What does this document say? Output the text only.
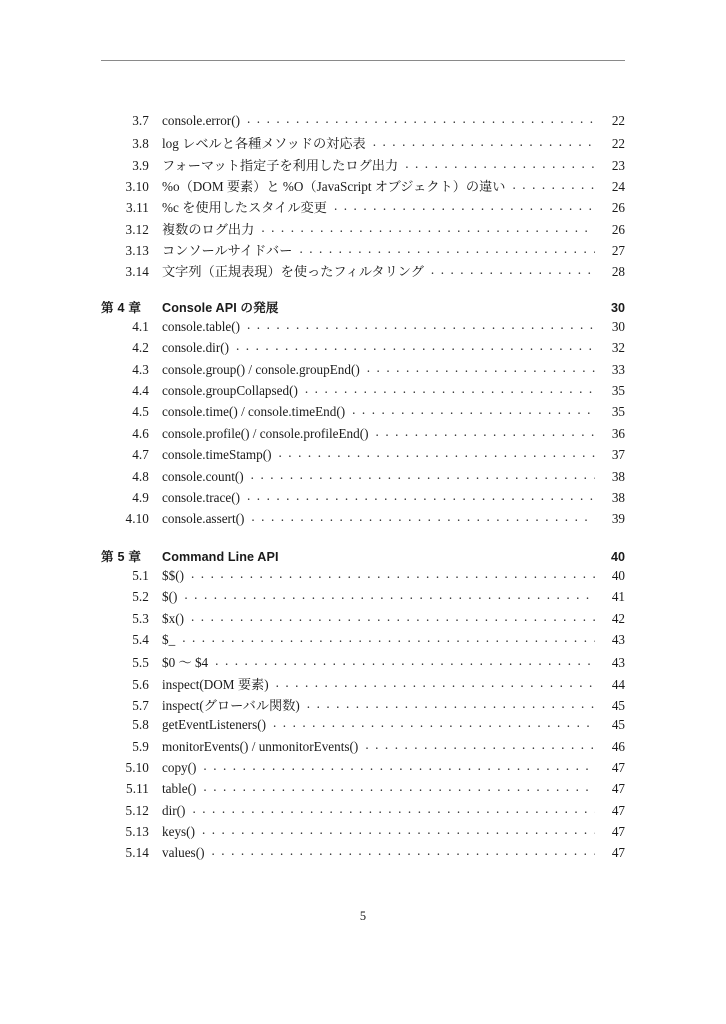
3.7 console.error() . . .	22
3.8 log レベルと各種メソッドの対応表 . . .	22
3.9 フォーマット指定子を利用したログ出力 . . .	23
3.10 %o（DOM 要素）と %O（JavaScript オブジェクト）の違い . . .	24
3.11 %c を使用したスタイル変更 . . .	26
3.12 複数のログ出力 . . .	26
3.13 コンソールサイドバー . . .	27
3.14 文字列（正規表現）を使ったフィルタリング . . .	28
第 4 章	Console API の発展	30
4.1 console.table() . . .	30
4.2 console.dir() . . .	32
4.3 console.group() / console.groupEnd() . . .	33
4.4 console.groupCollapsed() . . .	35
4.5 console.time() / console.timeEnd() . . .	35
4.6 console.profile() / console.profileEnd() . . .	36
4.7 console.timeStamp() . . .	37
4.8 console.count() . . .	38
4.9 console.trace() . . .	38
4.10 console.assert() . . .	39
第 5 章	Command Line API	40
5.1 $$() . . .	40
5.2 $() . . .	41
5.3 $x() . . .	42
5.4 $_ . . .	43
5.5 $0 〜 $4 . . .	43
5.6 inspect(DOM 要素) . . .	44
5.7 inspect(グローバル関数) . . .	45
5.8 getEventListeners() . . .	45
5.9 monitorEvents() / unmonitorEvents() . . .	46
5.10 copy() . . .	47
5.11 table() . . .	47
5.12 dir() . . .	47
5.13 keys() . . .	47
5.14 values() . . .	47
5
